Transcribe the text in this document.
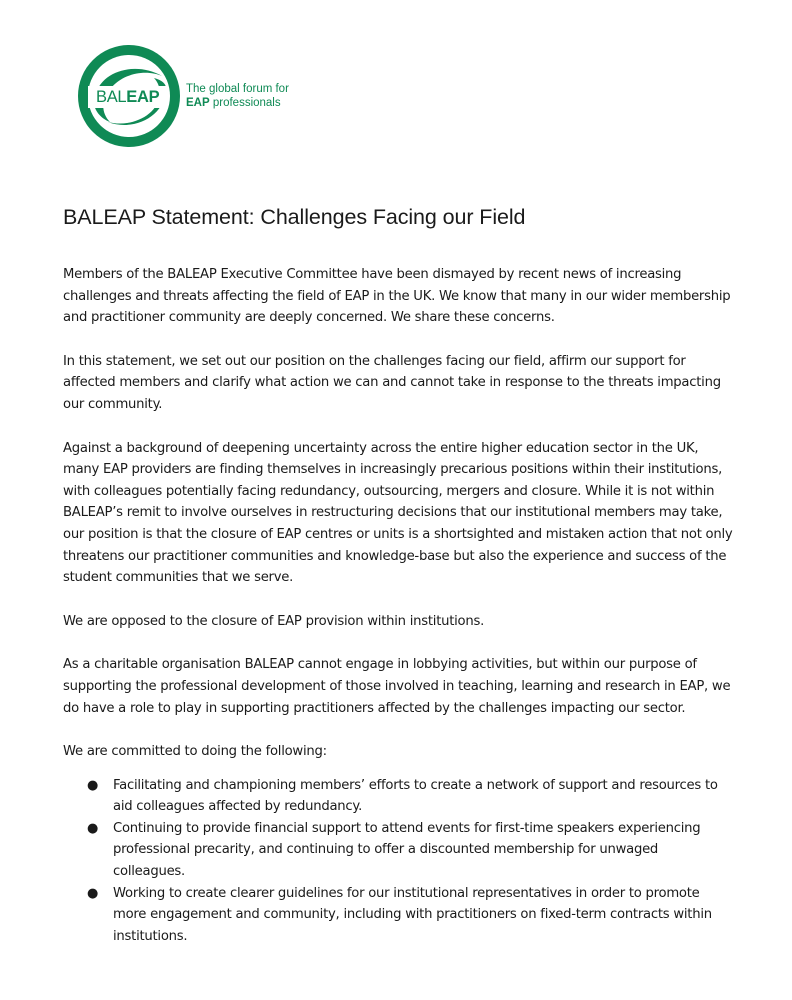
BALEAP The global forum for
EAP professionals
BALEAP Statement: Challenges Facing our Field

Members of the BALEAP Executive Committee have been dismayed by recent news of increasing challenges and threats affecting the field of EAP in the UK. We know that many in our wider membership and practitioner community are deeply concerned. We share these concerns.

In this statement, we set out our position on the challenges facing our field, affirm our support for affected members and clarify what action we can and cannot take in response to the threats impacting our community.

Against a background of deepening uncertainty across the entire higher education sector in the UK, many EAP providers are finding themselves in increasingly precarious positions within their institutions, with colleagues potentially facing redundancy, outsourcing, mergers and closure. While it is not within BALEAP’s remit to involve ourselves in restructuring decisions that our institutional members may take, our position is that the closure of EAP centres or units is a shortsighted and mistaken action that not only threatens our practitioner communities and knowledge-base but also the experience and success of the student communities that we serve.

We are opposed to the closure of EAP provision within institutions.

As a charitable organisation BALEAP cannot engage in lobbying activities, but within our purpose of supporting the professional development of those involved in teaching, learning and research in EAP, we do have a role to play in supporting practitioners affected by the challenges impacting our sector.

We are committed to doing the following:

● Facilitating and championing members’ efforts to create a network of support and resources to aid colleagues affected by redundancy.
● Continuing to provide financial support to attend events for first-time speakers experiencing professional precarity, and continuing to offer a discounted membership for unwaged colleagues.
● Working to create clearer guidelines for our institutional representatives in order to promote more engagement and community, including with practitioners on fixed-term contracts within institutions.
